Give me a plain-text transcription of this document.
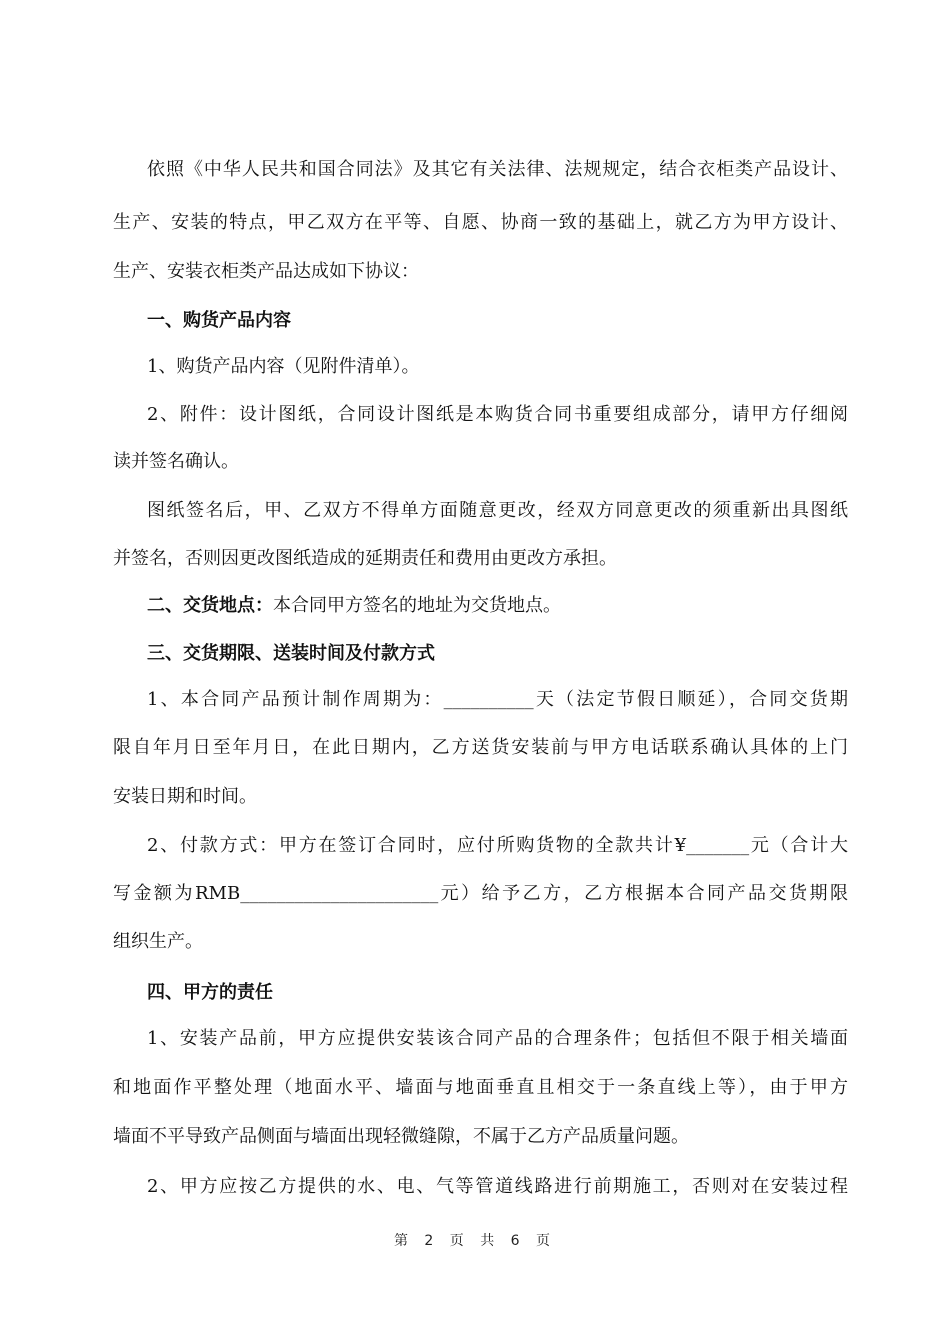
依照《中华人民共和国合同法》及其它有关法律、法规规定，结合衣柜类产品设计、
生产、安装的特点，甲乙双方在平等、自愿、协商一致的基础上，就乙方为甲方设计、
生产、安装衣柜类产品达成如下协议：
一、购货产品内容
1、购货产品内容（见附件清单）。
2、附件：设计图纸，合同设计图纸是本购货合同书重要组成部分，请甲方仔细阅
读并签名确认。
图纸签名后，甲、乙双方不得单方面随意更改，经双方同意更改的须重新出具图纸
并签名，否则因更改图纸造成的延期责任和费用由更改方承担。
二、交货地点：本合同甲方签名的地址为交货地点。
三、交货期限、送装时间及付款方式
1、本合同产品预计制作周期为：__________天（法定节假日顺延），合同交货期
限自年月日至年月日，在此日期内，乙方送货安装前与甲方电话联系确认具体的上门
安装日期和时间。
2、付款方式：甲方在签订合同时，应付所购货物的全款共计¥_______元（合计大
写金额为RMB______________________元）给予乙方，乙方根据本合同产品交货期限
组织生产。
四、甲方的责任
1、安装产品前，甲方应提供安装该合同产品的合理条件；包括但不限于相关墙面
和地面作平整处理（地面水平、墙面与地面垂直且相交于一条直线上等），由于甲方
墙面不平导致产品侧面与墙面出现轻微缝隙，不属于乙方产品质量问题。
2、甲方应按乙方提供的水、电、气等管道线路进行前期施工，否则对在安装过程
第 2 页 共 6 页
